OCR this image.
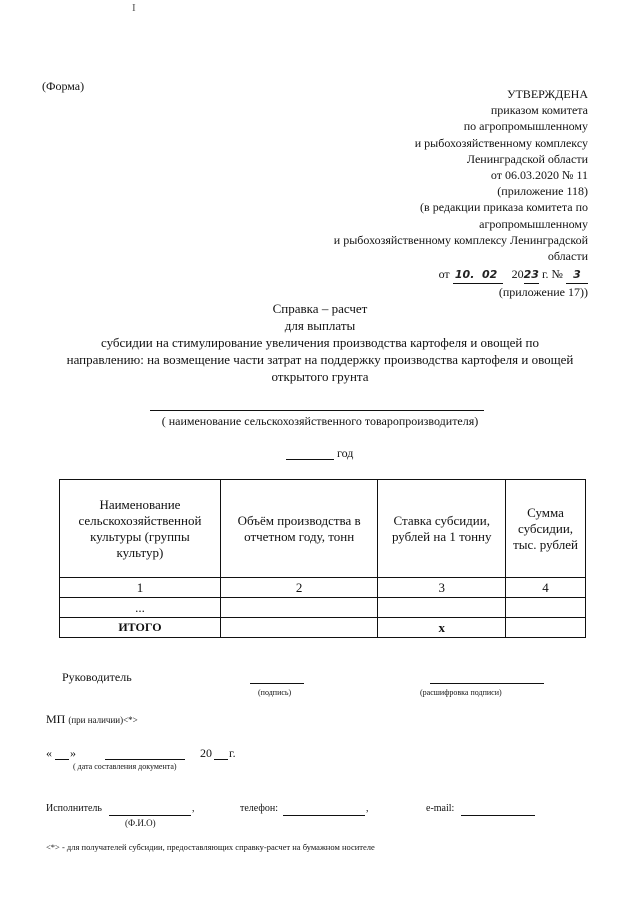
I
(Форма)
УТВЕРЖДЕНА
приказом комитета
по агропромышленному
и рыбохозяйственному комплексу
Ленинградской области
от 06.03.2020 № 11
(приложение 118)
(в редакции приказа комитета по
агропромышленному
и рыбохозяйственному комплексу Ленинградской
области
от 10. 02 2023 г. № 3
(приложение 17))
Справка – расчет
для выплаты
субсидии на стимулирование увеличения производства картофеля и овощей по
направлению: на возмещение части затрат на поддержку производства картофеля и овощей
открытого грунта
( наименование сельскохозяйственного товаропроизводителя)
год
Наименование сельскохозяйственной культуры (группы культур)	Объём производства в отчетном году, тонн	Ставка субсидии, рублей на 1 тонну	Сумма субсидии, тыс. рублей
1	2	3	4
...			
ИТОГО		x	
Руководитель
(подпись)	(расшифровка подписи)
МП (при наличии)<*>
« »	20 г.
( дата составления документа)
Исполнитель	,
(Ф.И.О)
телефон:	,	e-mail:
<*> - для получателей субсидии, предоставляющих справку-расчет на бумажном носителе
